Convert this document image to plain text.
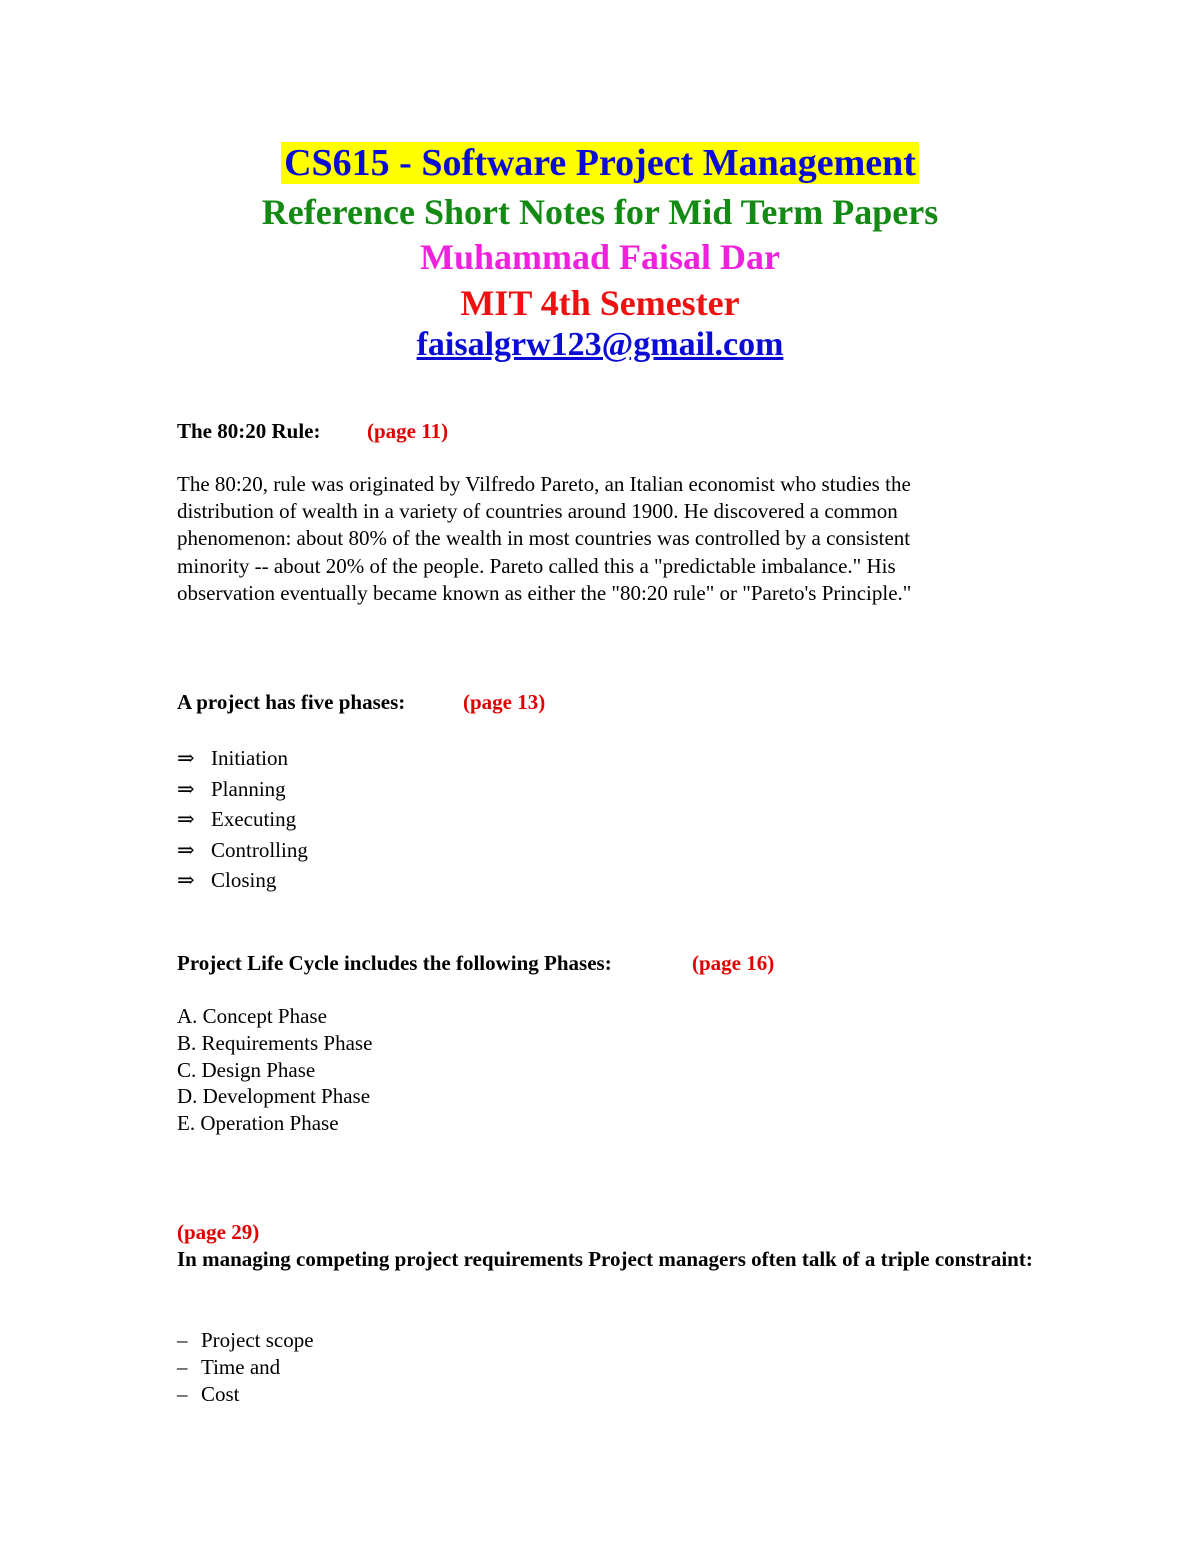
CS615 - Software Project Management
Reference Short Notes for Mid Term Papers
Muhammad Faisal Dar
MIT 4th Semester
faisalgrw123@gmail.com
The 80:20 Rule: (page 11)

The 80:20, rule was originated by Vilfredo Pareto, an Italian economist who studies the distribution of wealth in a variety of countries around 1900. He discovered a common phenomenon: about 80% of the wealth in most countries was controlled by a consistent minority -- about 20% of the people. Pareto called this a "predictable imbalance." His observation eventually became known as either the "80:20 rule" or "Pareto's Principle."

A project has five phases:	(page 13)
⇒ Initiation
⇒ Planning
⇒ Executing
⇒ Controlling
⇒ Closing
Project Life Cycle includes the following Phases:	(page 16)
A. Concept Phase
B. Requirements Phase
C. Design Phase
D. Development Phase
E. Operation Phase
(page 29)

In managing competing project requirements Project managers often talk of a triple constraint:

– Project scope
– Time and
– Cost
